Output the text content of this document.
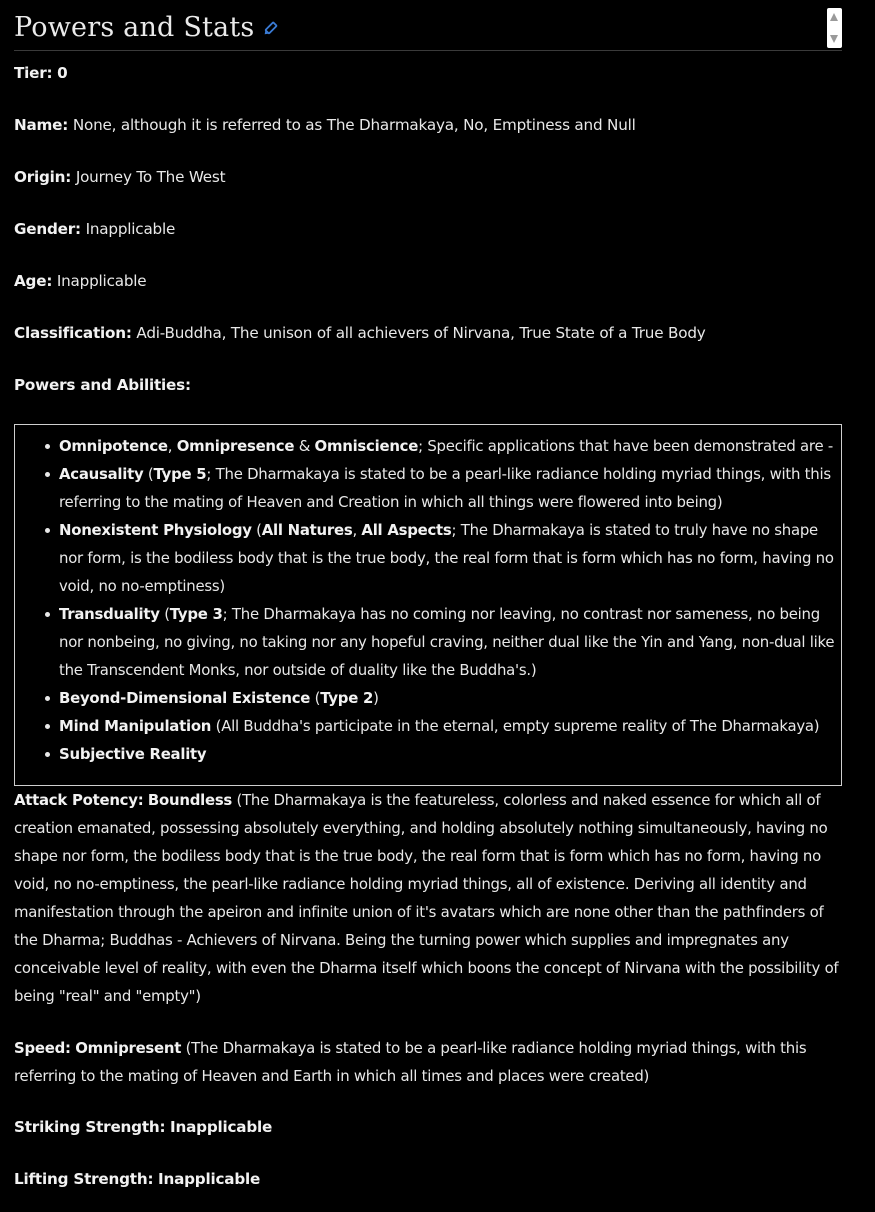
Powers and Stats
Tier: 0
Name: None, although it is referred to as The Dharmakaya, No, Emptiness and Null
Origin: Journey To The West
Gender: Inapplicable
Age: Inapplicable
Classification: Adi-Buddha, The unison of all achievers of Nirvana, True State of a True Body
Powers and Abilities:
Omnipotence, Omnipresence & Omniscience; Specific applications that have been demonstrated are -
Acausality (Type 5; The Dharmakaya is stated to be a pearl-like radiance holding myriad things, with this referring to the mating of Heaven and Creation in which all things were flowered into being)
Nonexistent Physiology (All Natures, All Aspects; The Dharmakaya is stated to truly have no shape nor form, is the bodiless body that is the true body, the real form that is form which has no form, having no void, no no-emptiness)
Transduality (Type 3; The Dharmakaya has no coming nor leaving, no contrast nor sameness, no being nor nonbeing, no giving, no taking nor any hopeful craving, neither dual like the Yin and Yang, non-dual like the Transcendent Monks, nor outside of duality like the Buddha's.)
Beyond-Dimensional Existence (Type 2)
Mind Manipulation (All Buddha's participate in the eternal, empty supreme reality of The Dharmakaya)
Subjective Reality
Attack Potency: Boundless (The Dharmakaya is the featureless, colorless and naked essence for which all of creation emanated, possessing absolutely everything, and holding absolutely nothing simultaneously, having no shape nor form, the bodiless body that is the true body, the real form that is form which has no form, having no void, no no-emptiness, the pearl-like radiance holding myriad things, all of existence. Deriving all identity and manifestation through the apeiron and infinite union of it's avatars which are none other than the pathfinders of the Dharma; Buddhas - Achievers of Nirvana. Being the turning power which supplies and impregnates any conceivable level of reality, with even the Dharma itself which boons the concept of Nirvana with the possibility of being "real" and "empty")
Speed: Omnipresent (The Dharmakaya is stated to be a pearl-like radiance holding myriad things, with this referring to the mating of Heaven and Earth in which all times and places were created)
Striking Strength: Inapplicable
Lifting Strength: Inapplicable
